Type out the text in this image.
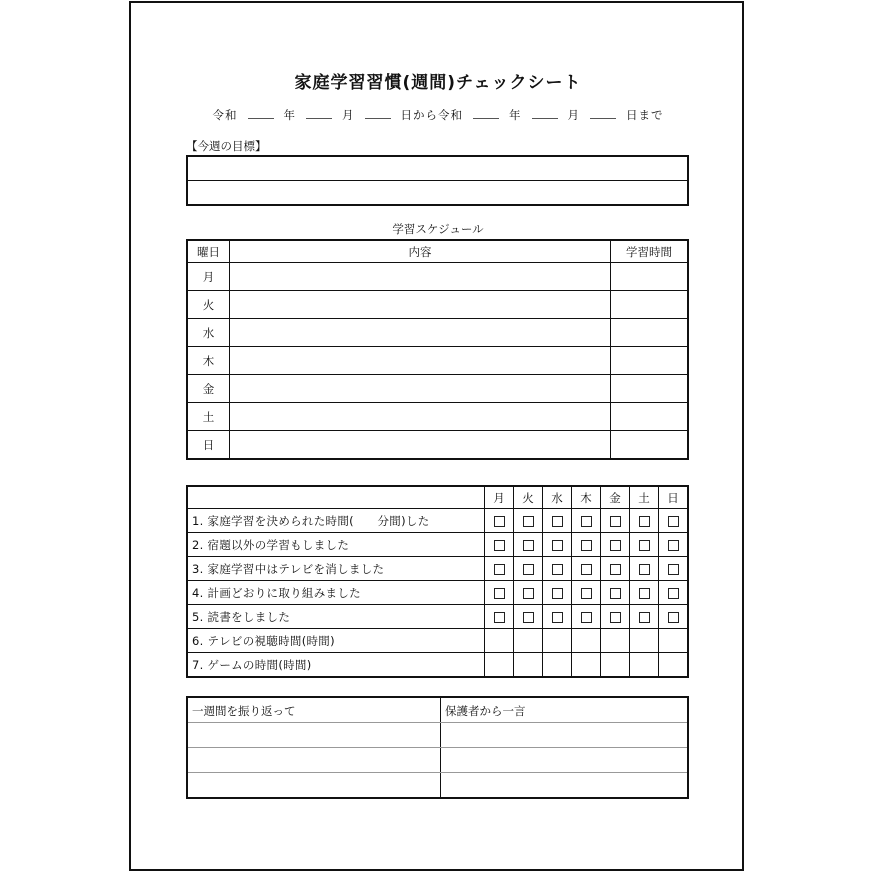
家庭学習習慣(週間)チェックシート
令和	年	月	日から令和	年	月	日まで
【今週の目標】

学習スケジュール
曜日	内容	学習時間
月		
火		
水		
木		
金		
土		
日		
	月	火	水	木	金	土	日
1. 家庭学習を決められた時間(　　分間)した							
2. 宿題以外の学習もしました							
3. 家庭学習中はテレビを消しました							
4. 計画どおりに取り組みました							
5. 読書をしました							
6. テレビの視聴時間(時間)							
7. ゲームの時間(時間)							
一週間を振り返って	保護者から一言
